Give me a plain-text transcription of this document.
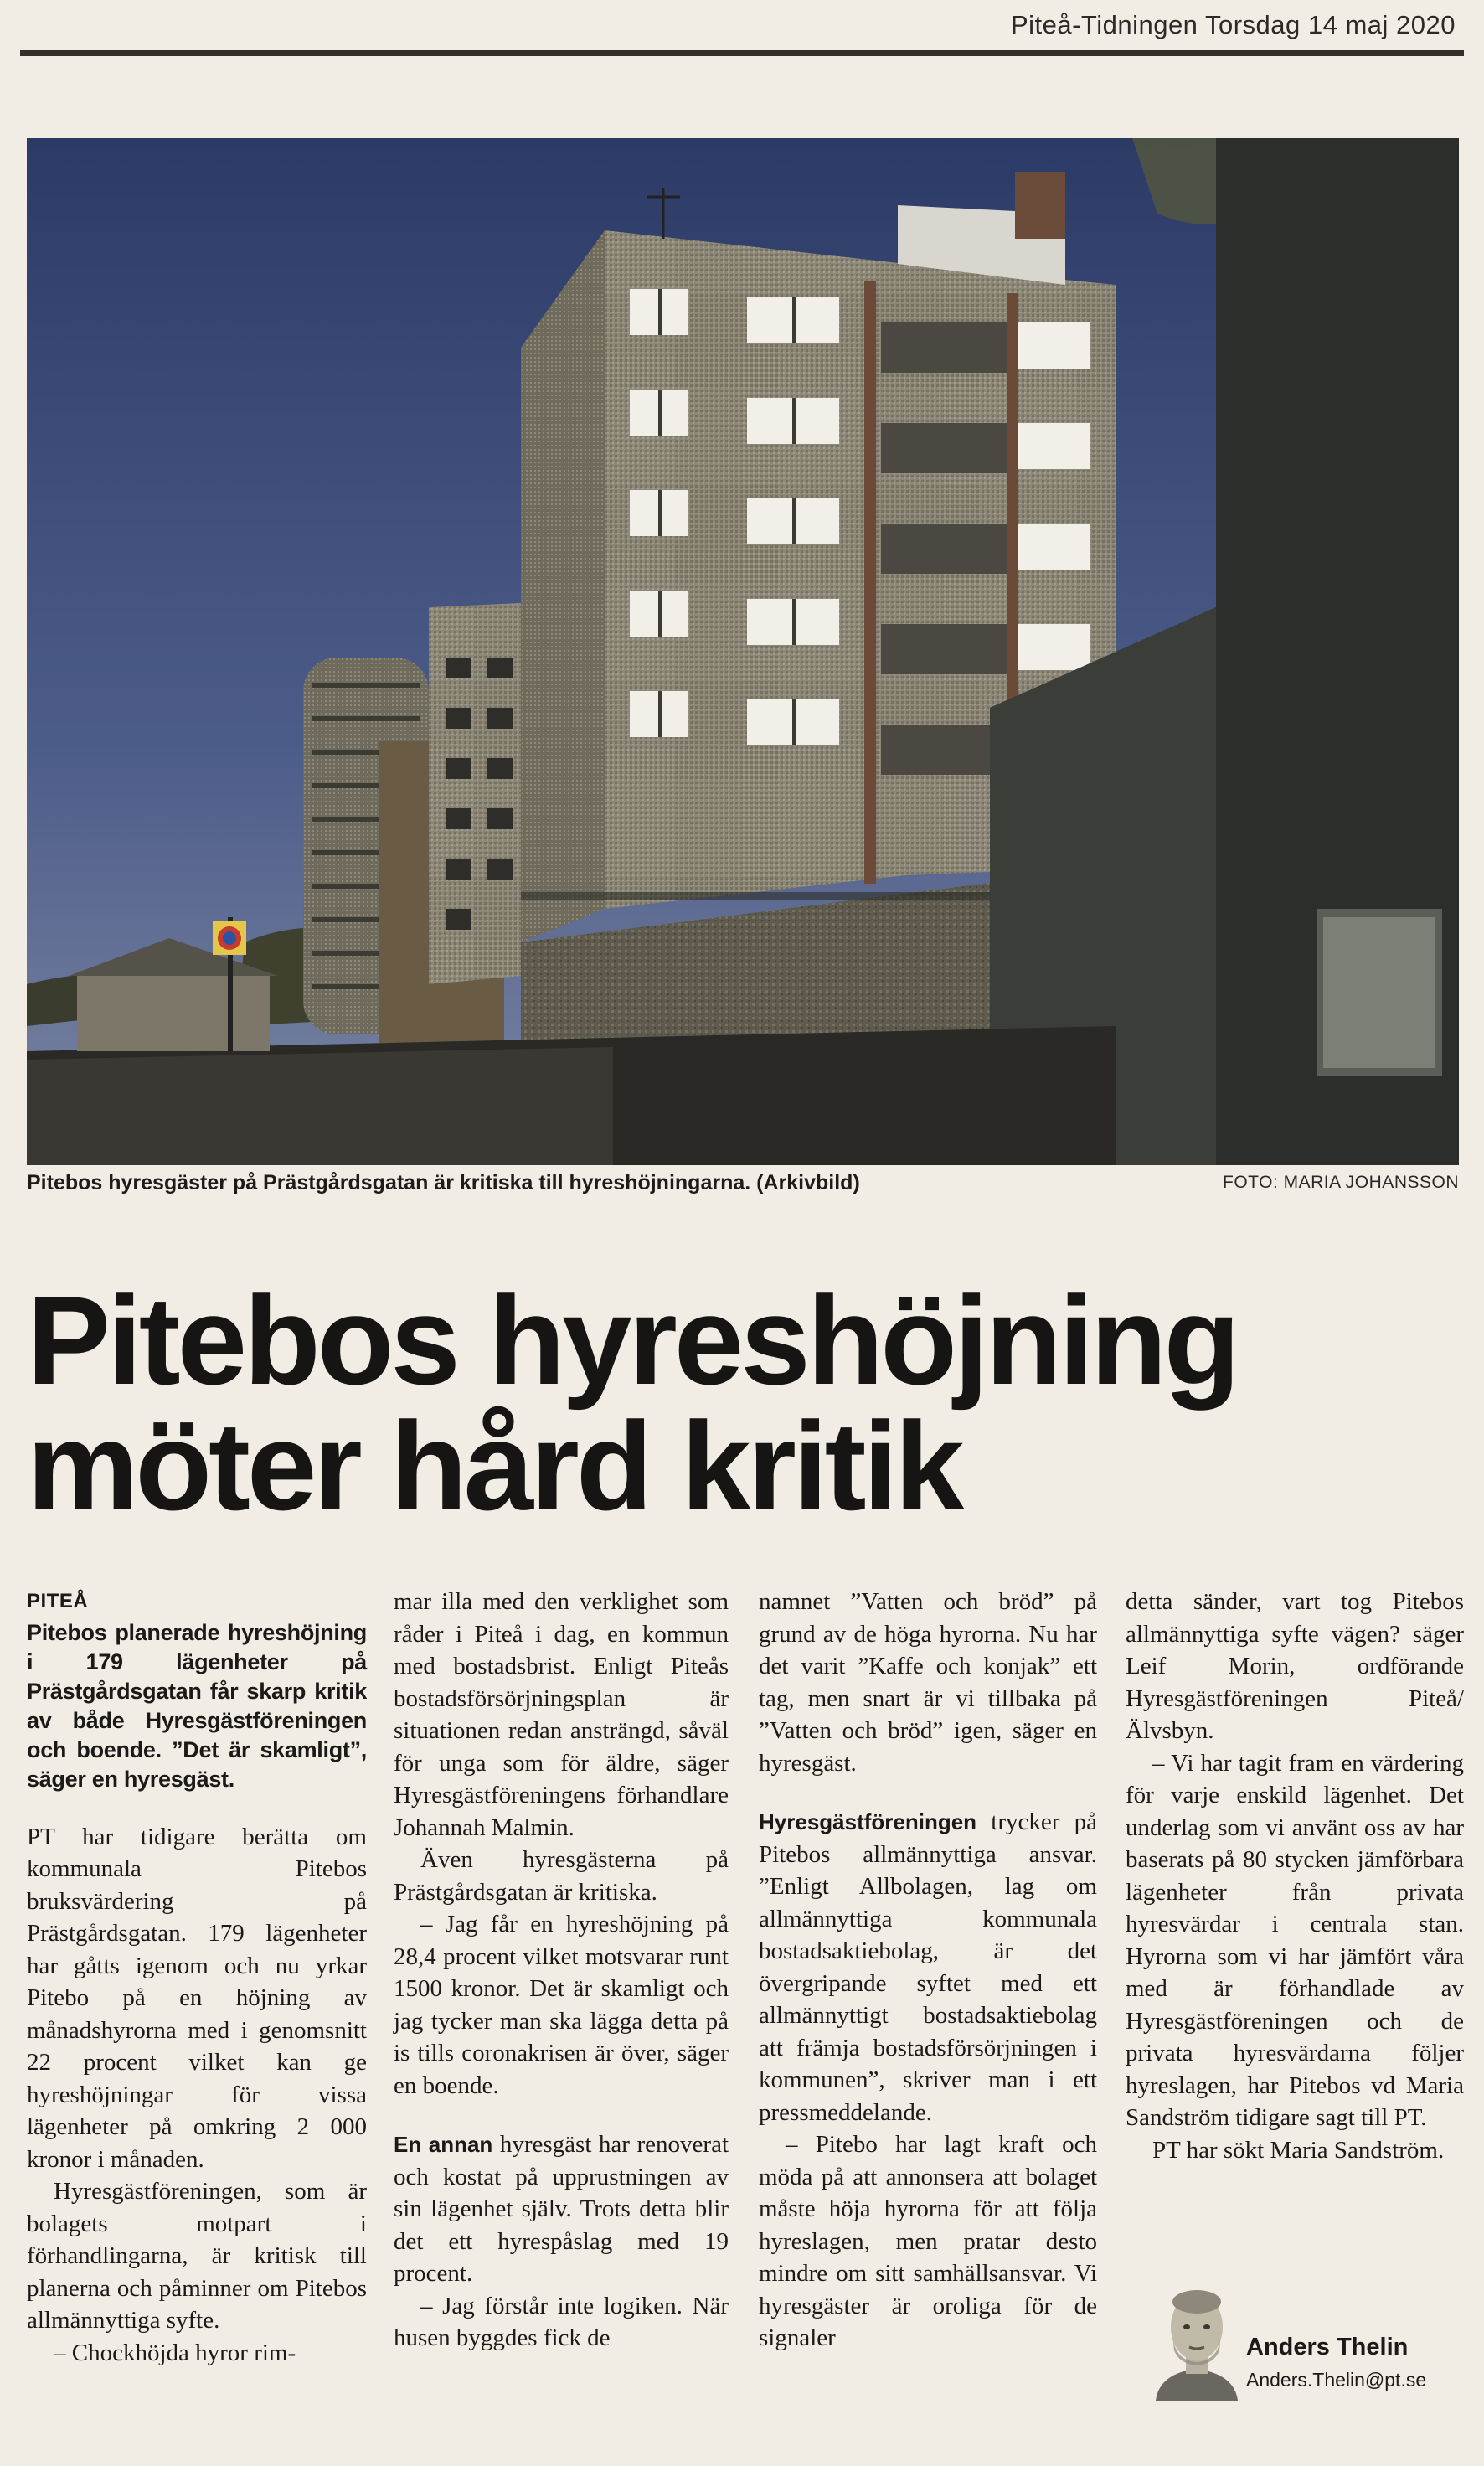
Piteå-Tidningen Torsdag 14 maj 2020
Pitebos hyresgäster på Prästgårdsgatan är kritiska till hyreshöjningarna. (Arkivbild)	FOTO: MARIA JOHANSSON
Pitebos hyreshöjning
möter hård kritik

PITEÅ

Pitebos planerade hyreshöjning i 179 lägenheter på Prästgårdsgatan får skarp kritik av både Hyresgästföreningen och boende. ”Det är skamligt”, säger en hyresgäst.

PT har tidigare berätta om kommunala Pitebos bruksvärdering på Prästgårdsgatan. 179 lägenheter har gåtts igenom och nu yrkar Pitebo på en höjning av månadshyrorna med i genomsnitt 22 procent vilket kan ge hyreshöjningar för vissa lägenheter på omkring 2 000 kronor i månaden.

Hyresgästföreningen, som är bolagets motpart i förhandlingarna, är kritisk till planerna och påminner om Pitebos allmännyttiga syfte.

– Chockhöjda hyror rim-

mar illa med den verklighet som råder i Piteå i dag, en kommun med bostadsbrist. Enligt Piteås bostadsförsörjningsplan är situationen redan ansträngd, såväl för unga som för äldre, säger Hyresgästföreningens förhandlare Johannah Malmin.

Även hyresgästerna på Prästgårdsgatan är kritiska.

– Jag får en hyreshöjning på 28,4 procent vilket motsvarar runt 1500 kronor. Det är skamligt och jag tycker man ska lägga detta på is tills coronakrisen är över, säger en boende.

En annan hyresgäst har renoverat och kostat på upprustningen av sin lägenhet själv. Trots detta blir det ett hyrespåslag med 19 procent.

– Jag förstår inte logiken. När husen byggdes fick de

namnet ”Vatten och bröd” på grund av de höga hyrorna. Nu har det varit ”Kaffe och konjak” ett tag, men snart är vi tillbaka på ”Vatten och bröd” igen, säger en hyresgäst.

Hyresgästföreningen trycker på Pitebos allmännyttiga ansvar. ”Enligt Allbolagen, lag om allmännyttiga kommunala bostadsaktiebolag, är det övergripande syftet med ett allmännyttigt bostadsaktiebolag att främja bostadsförsörjningen i kommunen”, skriver man i ett pressmeddelande.

– Pitebo har lagt kraft och möda på att annonsera att bolaget måste höja hyrorna för att följa hyreslagen, men pratar desto mindre om sitt samhällsansvar. Vi hyresgäster är oroliga för de signaler

detta sänder, vart tog Pitebos allmännyttiga syfte vägen? säger Leif Morin, ordförande Hyresgästföreningen Piteå/Älvsbyn.

– Vi har tagit fram en värdering för varje enskild lägenhet. Det underlag som vi använt oss av har baserats på 80 stycken jämförbara lägenheter från privata hyresvärdar i centrala stan. Hyrorna som vi har jämfört våra med är förhandlade av Hyresgästföreningen och de privata hyresvärdarna följer hyreslagen, har Pitebos vd Maria Sandström tidigare sagt till PT.

PT har sökt Maria Sandström.

Anders Thelin
Anders.Thelin@pt.se
